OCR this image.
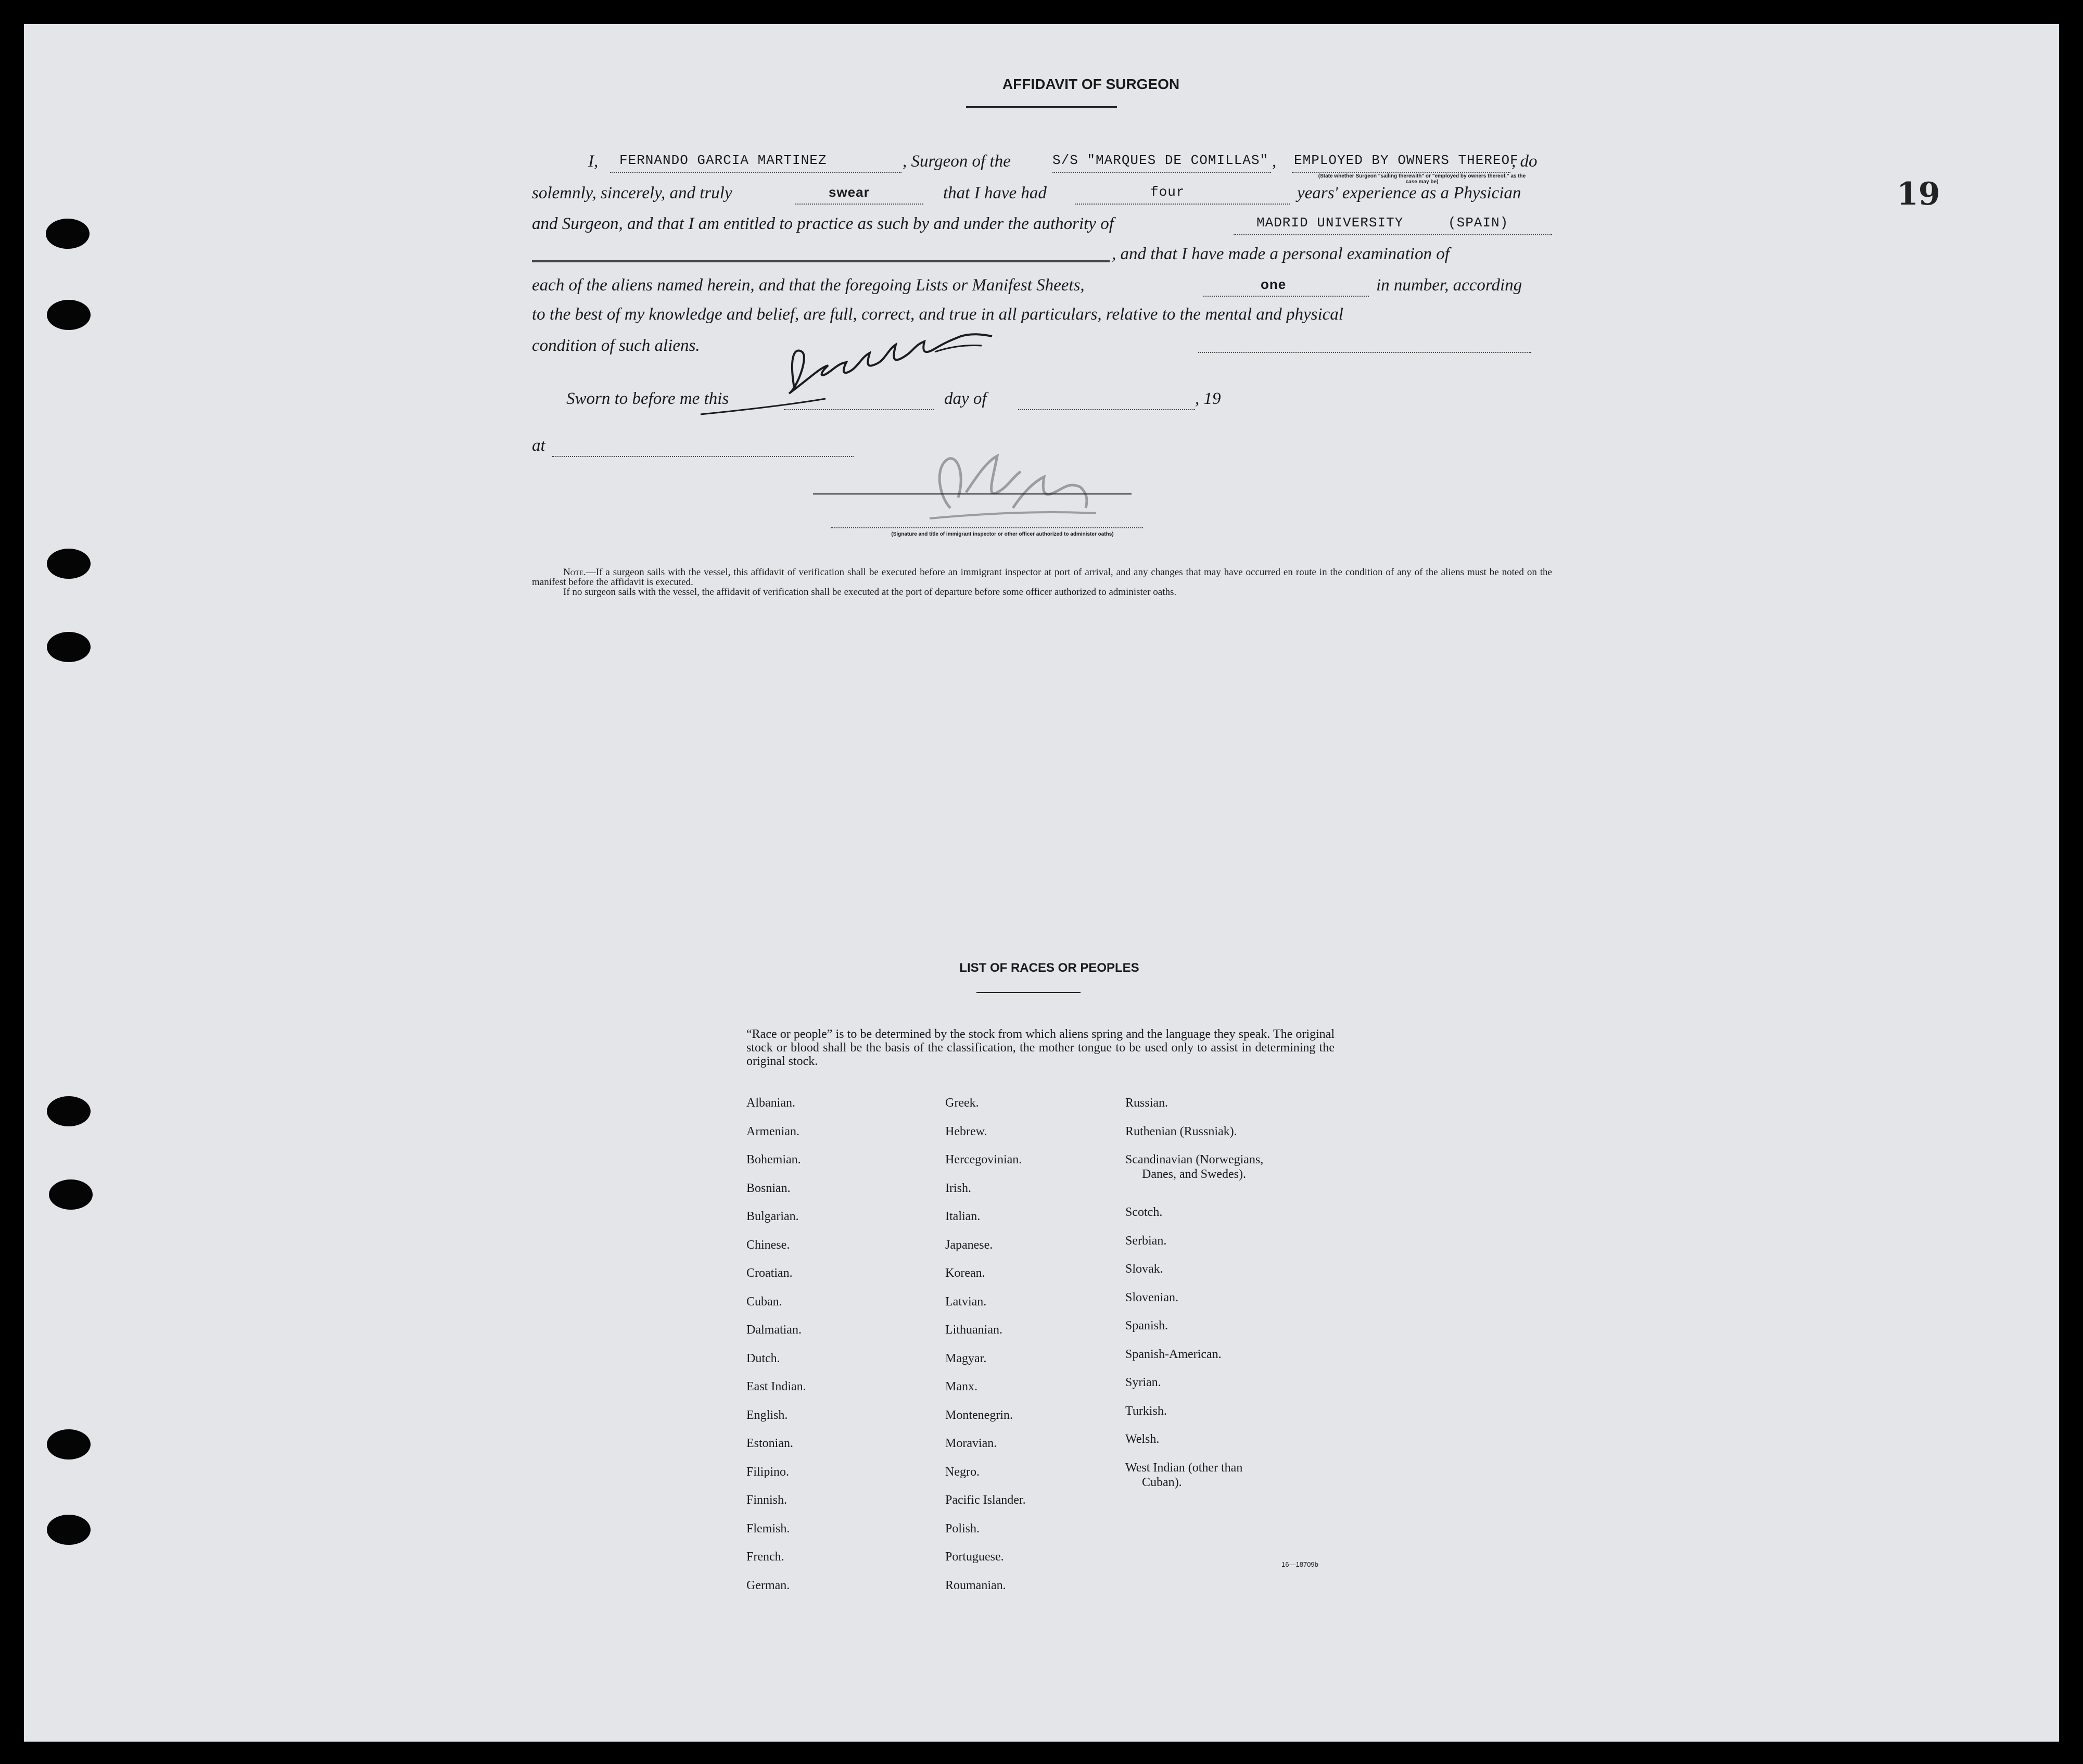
19
AFFIDAVIT OF SURGEON
I, FERNANDO GARCIA MARTINEZ	, Surgeon of the	S/S "MARQUES DE COMILLAS" , EMPLOYED BY OWNERS THEREOF
, do
(State whether Surgeon "sailing therewith" or "employed by owners thereof," as the case may be)
solemnly, sincerely, and truly	swear	that I have had	four	years' experience as a Physician
and Surgeon, and that I am entitled to practice as such by and under the authority of	MADRID UNIVERSITY	(SPAIN)
, and that I have made a personal examination of
each of the aliens named herein, and that the foregoing Lists or Manifest Sheets,	one	in number, according
to the best of my knowledge and belief, are full, correct, and true in all particulars, relative to the mental and physical
condition of such aliens.
Sworn to before me this	day of	, 19
at
(Signature and title of immigrant inspector or other officer authorized to administer oaths)
Note.—If a surgeon sails with the vessel, this affidavit of verification shall be executed before an immigrant inspector at port of arrival, and any changes that may have occurred en route in the condition of any of the aliens must be noted on the manifest before the affidavit is executed.
If no surgeon sails with the vessel, the affidavit of verification shall be executed at the port of departure before some officer authorized to administer oaths.
LIST OF RACES OR PEOPLES
“Race or people” is to be determined by the stock from which aliens spring and the language they speak. The original stock or blood shall be the basis of the classification, the mother tongue to be used only to assist in determining the original stock.
Albanian.
Armenian.
Bohemian.
Bosnian.
Bulgarian.
Chinese.
Croatian.
Cuban.
Dalmatian.
Dutch.
East Indian.
English.
Estonian.
Filipino.
Finnish.
Flemish.
French.
German.
Greek.
Hebrew.
Hercegovinian.
Irish.
Italian.
Japanese.
Korean.
Latvian.
Lithuanian.
Magyar.
Manx.
Montenegrin.
Moravian.
Negro.
Pacific Islander.
Polish.
Portuguese.
Roumanian.
Russian.
Ruthenian (Russniak).
Scandinavian (Norwegians,
Danes, and Swedes).
Scotch.
Serbian.
Slovak.
Slovenian.
Spanish.
Spanish-American.
Syrian.
Turkish.
Welsh.
West Indian (other than
Cuban).
16—18709b
